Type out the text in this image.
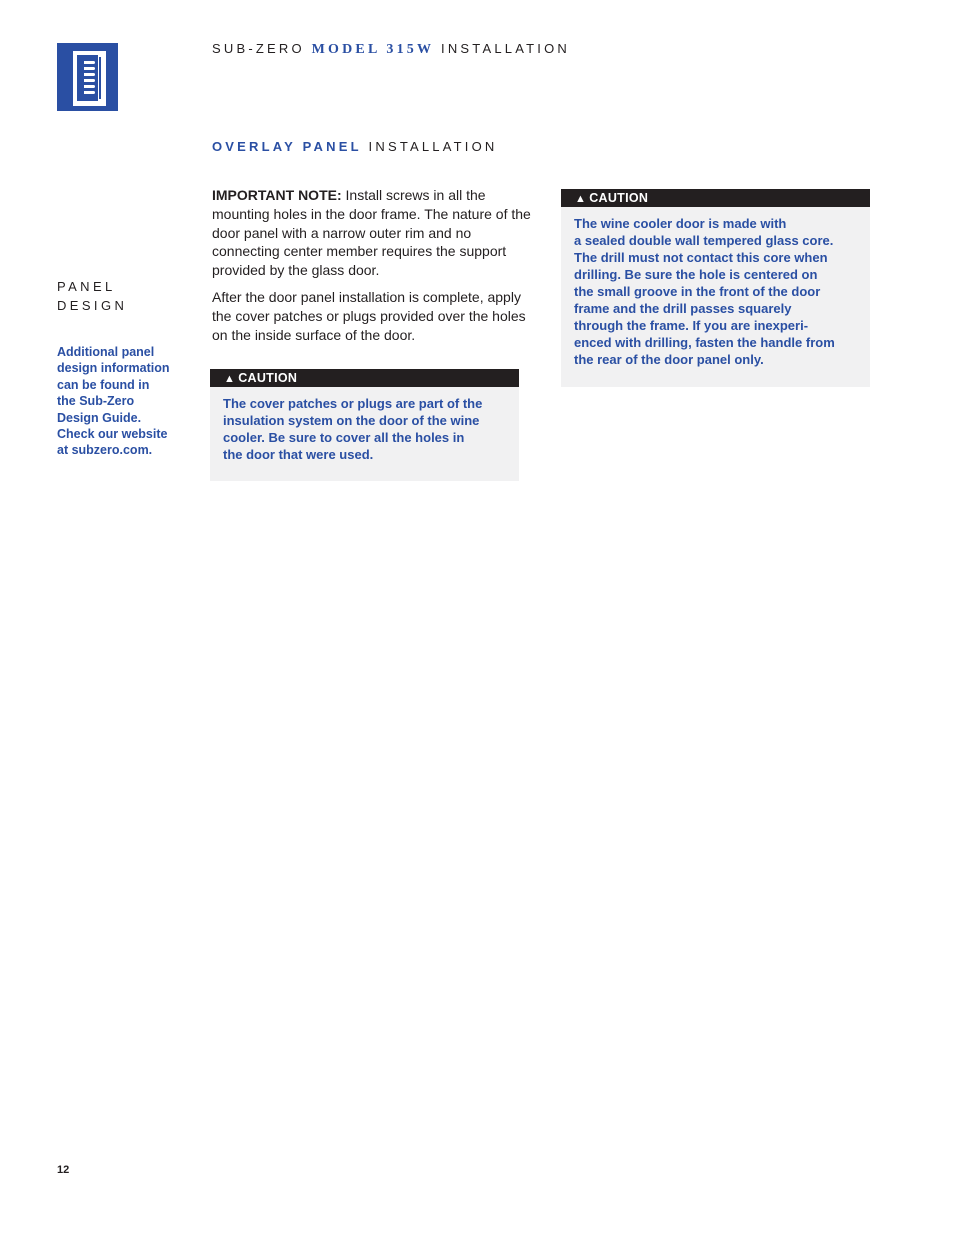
SUB-ZERO MODEL 315W INSTALLATION
OVERLAY PANEL INSTALLATION
PANEL
DESIGN
Additional panel
design information
can be found in
the Sub-Zero
Design Guide.
Check our website
at subzero.com.
IMPORTANT NOTE: Install screws in all the mounting holes in the door frame. The nature of the door panel with a narrow outer rim and no connecting center member requires the support provided by the glass door.
After the door panel installation is complete, apply the cover patches or plugs provided over the holes on the inside surface of the door.
▲ CAUTION
The cover patches or plugs are part of the
insulation system on the door of the wine
cooler. Be sure to cover all the holes in
the door that were used.
▲ CAUTION
The wine cooler door is made with
a sealed double wall tempered glass core.
The drill must not contact this core when
drilling. Be sure the hole is centered on
the small groove in the front of the door
frame and the drill passes squarely
through the frame. If you are inexperi-
enced with drilling, fasten the handle from
the rear of the door panel only.
12
